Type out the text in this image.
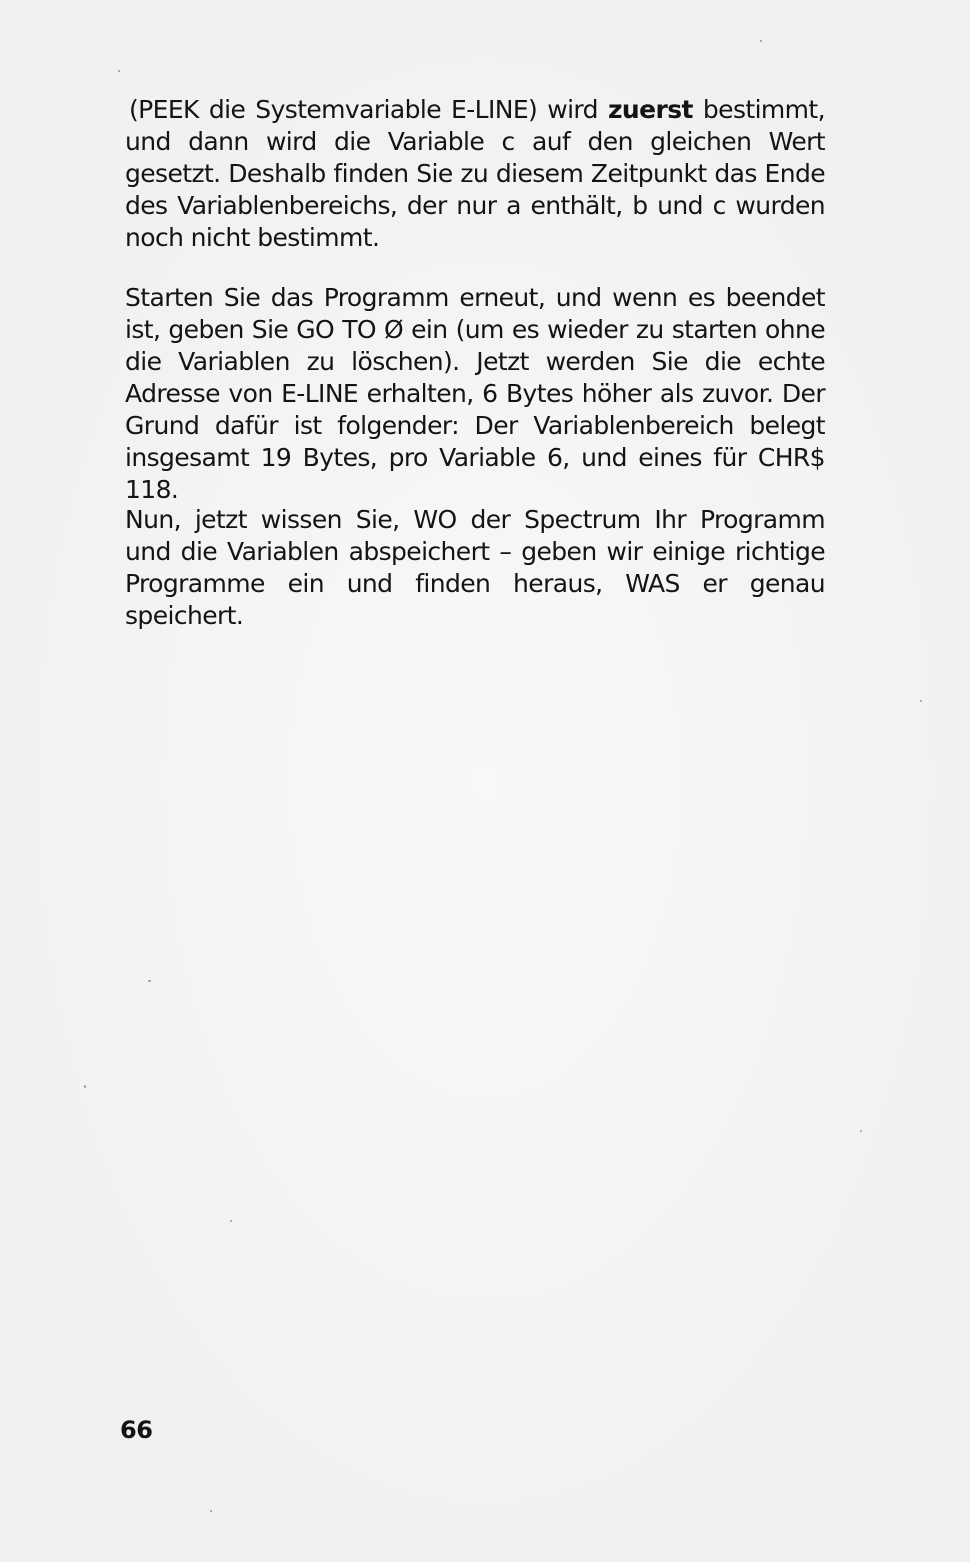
(PEEK die Systemvariable E-LINE) wird zuerst bestimmt, und dann wird die Variable c auf den gleichen Wert gesetzt. Deshalb finden Sie zu diesem Zeitpunkt das Ende des Variablenbereichs, der nur a enthält, b und c wurden noch nicht bestimmt.

Starten Sie das Programm erneut, und wenn es beendet ist, geben Sie GO TO Ø ein (um es wieder zu starten ohne die Variablen zu löschen). Jetzt werden Sie die echte Adresse von E-LINE erhalten, 6 Bytes höher als zuvor. Der Grund dafür ist folgender: Der Variablenbereich belegt insgesamt 19 Bytes, pro Variable 6, und eines für CHR$ 118.

Nun, jetzt wissen Sie, WO der Spectrum Ihr Programm und die Variablen abspeichert – geben wir einige richtige Programme ein und finden heraus, WAS er genau speichert.

66
